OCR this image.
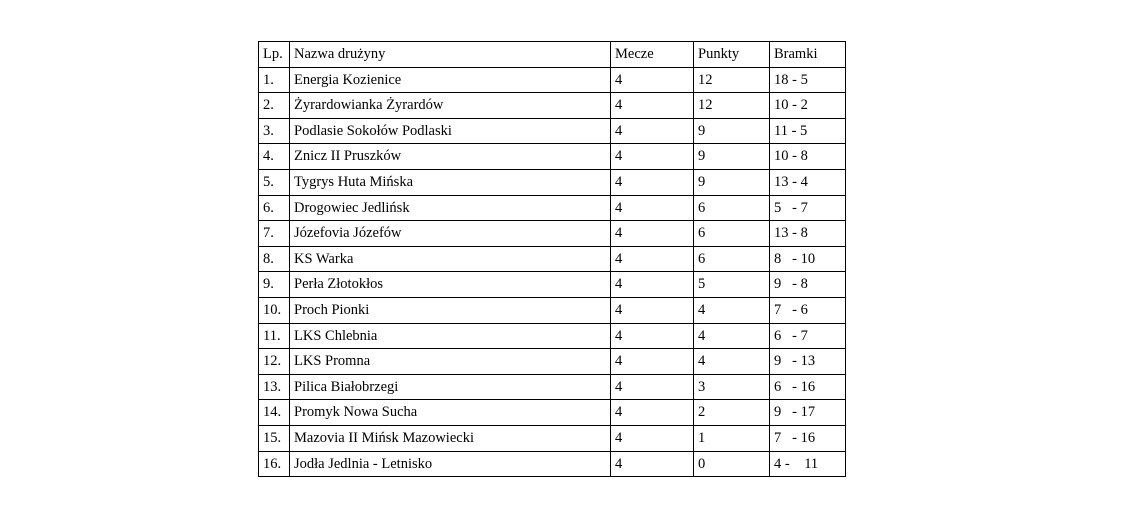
Lp.	Nazwa drużyny	Mecze	Punkty	Bramki
1.	Energia Kozienice	4	12	18 - 5
2.	Żyrardowianka Żyrardów	4	12	10 - 2
3.	Podlasie Sokołów Podlaski	4	9	11 - 5
4.	Znicz II Pruszków	4	9	10 - 8
5.	Tygrys Huta Mińska	4	9	13 - 4
6.	Drogowiec Jedlińsk	4	6	5   - 7
7.	Józefovia Józefów	4	6	13 - 8
8.	KS Warka	4	6	8   - 10
9.	Perła Złotokłos	4	5	9   - 8
10.	Proch Pionki	4	4	7   - 6
11.	LKS Chlebnia	4	4	6   - 7
12.	LKS Promna	4	4	9   - 13
13.	Pilica Białobrzegi	4	3	6   - 16
14.	Promyk Nowa Sucha	4	2	9   - 17
15.	Mazovia II Mińsk Mazowiecki	4	1	7   - 16
16.	Jodła Jedlnia - Letnisko	4	0	4 -    11
